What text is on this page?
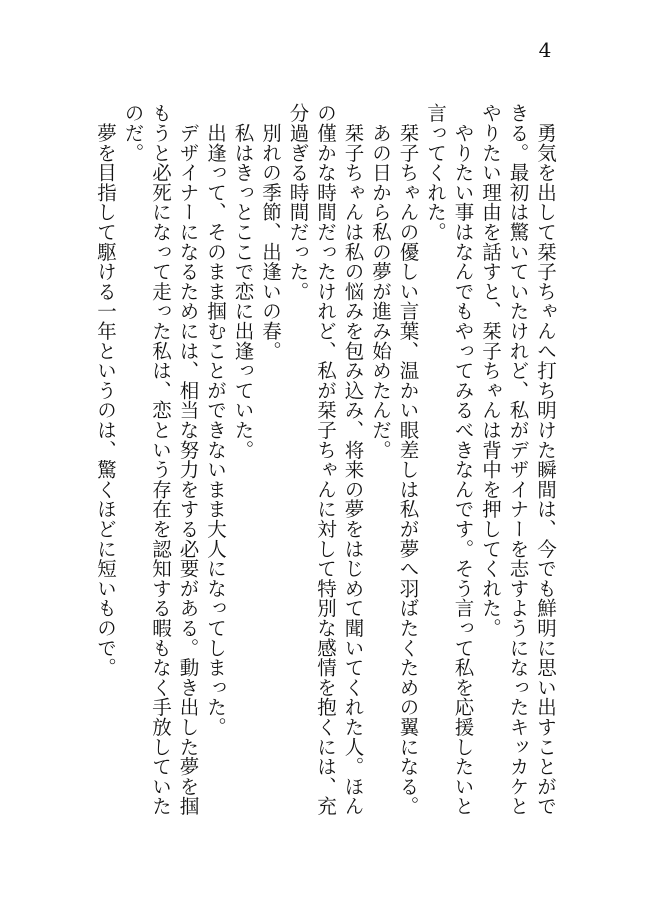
4

　勇気を出して栞子ちゃんへ打ち明けた瞬間は、今でも鮮明に思い出すことができる。最初は驚いていたけれど、私がデザイナーを志すようになったキッカケとやりたい理由を話すと、栞子ちゃんは背中を押してくれた。

　やりたい事はなんでもやってみるべきなんです。そう言って私を応援したいと言ってくれた。

　栞子ちゃんの優しい言葉、温かい眼差しは私が夢へ羽ばたくための翼になる。

　あの日から私の夢が進み始めたんだ。

　栞子ちゃんは私の悩みを包み込み、将来の夢をはじめて聞いてくれた人。ほんの僅かな時間だったけれど、私が栞子ちゃんに対して特別な感情を抱くには、充分過ぎる時間だった。

　別れの季節、出逢いの春。

　私はきっとここで恋に出逢っていた。

　出逢って、そのまま掴むことができないまま大人になってしまった。

　デザイナーになるためには、相当な努力をする必要がある。動き出した夢を掴もうと必死になって走った私は、恋という存在を認知する暇もなく手放していたのだ。

　夢を目指して駆ける一年というのは、驚くほどに短いもので。
